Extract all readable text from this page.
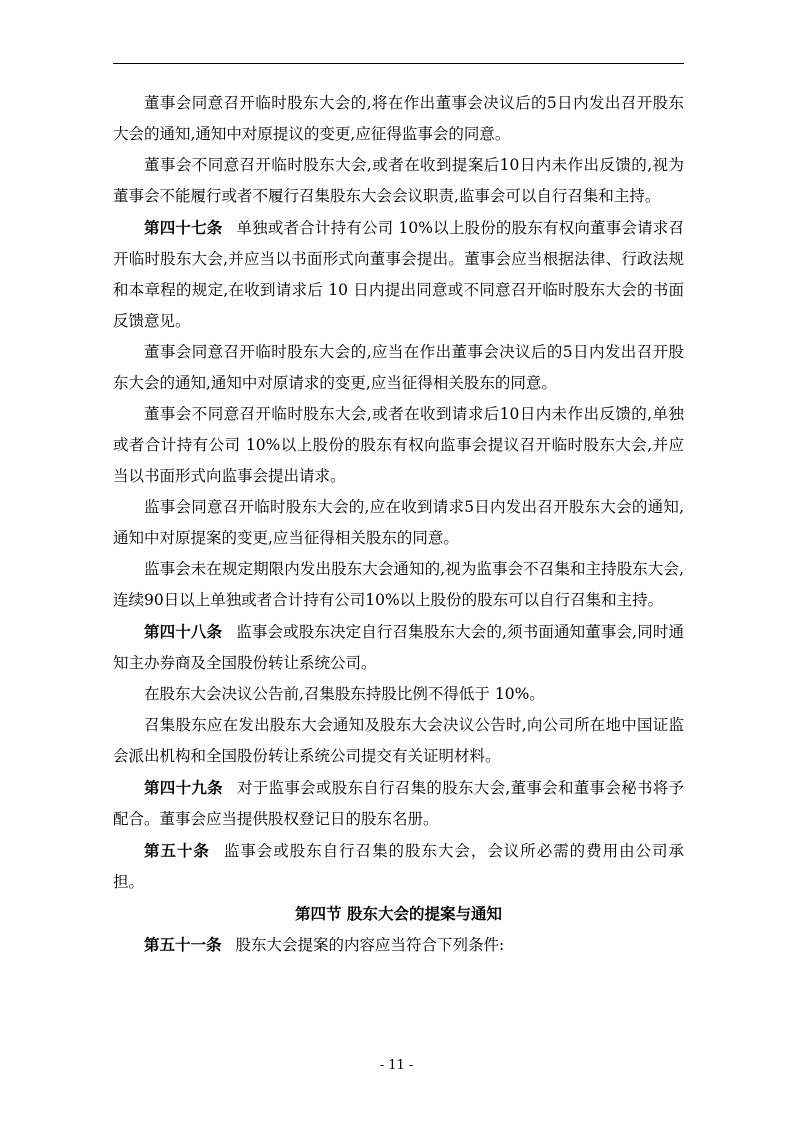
董事会同意召开临时股东大会的,将在作出董事会决议后的5日内发出召开股东大会的通知,通知中对原提议的变更,应征得监事会的同意。

董事会不同意召开临时股东大会,或者在收到提案后10日内未作出反馈的,视为董事会不能履行或者不履行召集股东大会会议职责,监事会可以自行召集和主持。

第四十七条 单独或者合计持有公司 10%以上股份的股东有权向董事会请求召开临时股东大会,并应当以书面形式向董事会提出。董事会应当根据法律、行政法规和本章程的规定,在收到请求后 10 日内提出同意或不同意召开临时股东大会的书面反馈意见。

董事会同意召开临时股东大会的,应当在作出董事会决议后的5日内发出召开股东大会的通知,通知中对原请求的变更,应当征得相关股东的同意。

董事会不同意召开临时股东大会,或者在收到请求后10日内未作出反馈的,单独或者合计持有公司 10%以上股份的股东有权向监事会提议召开临时股东大会,并应当以书面形式向监事会提出请求。

监事会同意召开临时股东大会的,应在收到请求5日内发出召开股东大会的通知,通知中对原提案的变更,应当征得相关股东的同意。

监事会未在规定期限内发出股东大会通知的,视为监事会不召集和主持股东大会,连续90日以上单独或者合计持有公司10%以上股份的股东可以自行召集和主持。

第四十八条 监事会或股东决定自行召集股东大会的,须书面通知董事会,同时通知主办券商及全国股份转让系统公司。

在股东大会决议公告前,召集股东持股比例不得低于 10%。

召集股东应在发出股东大会通知及股东大会决议公告时,向公司所在地中国证监会派出机构和全国股份转让系统公司提交有关证明材料。

第四十九条 对于监事会或股东自行召集的股东大会,董事会和董事会秘书将予配合。董事会应当提供股权登记日的股东名册。

第五十条 监事会或股东自行召集的股东大会，会议所必需的费用由公司承担。

第四节 股东大会的提案与通知

第五十一条 股东大会提案的内容应当符合下列条件:

- 11 -
